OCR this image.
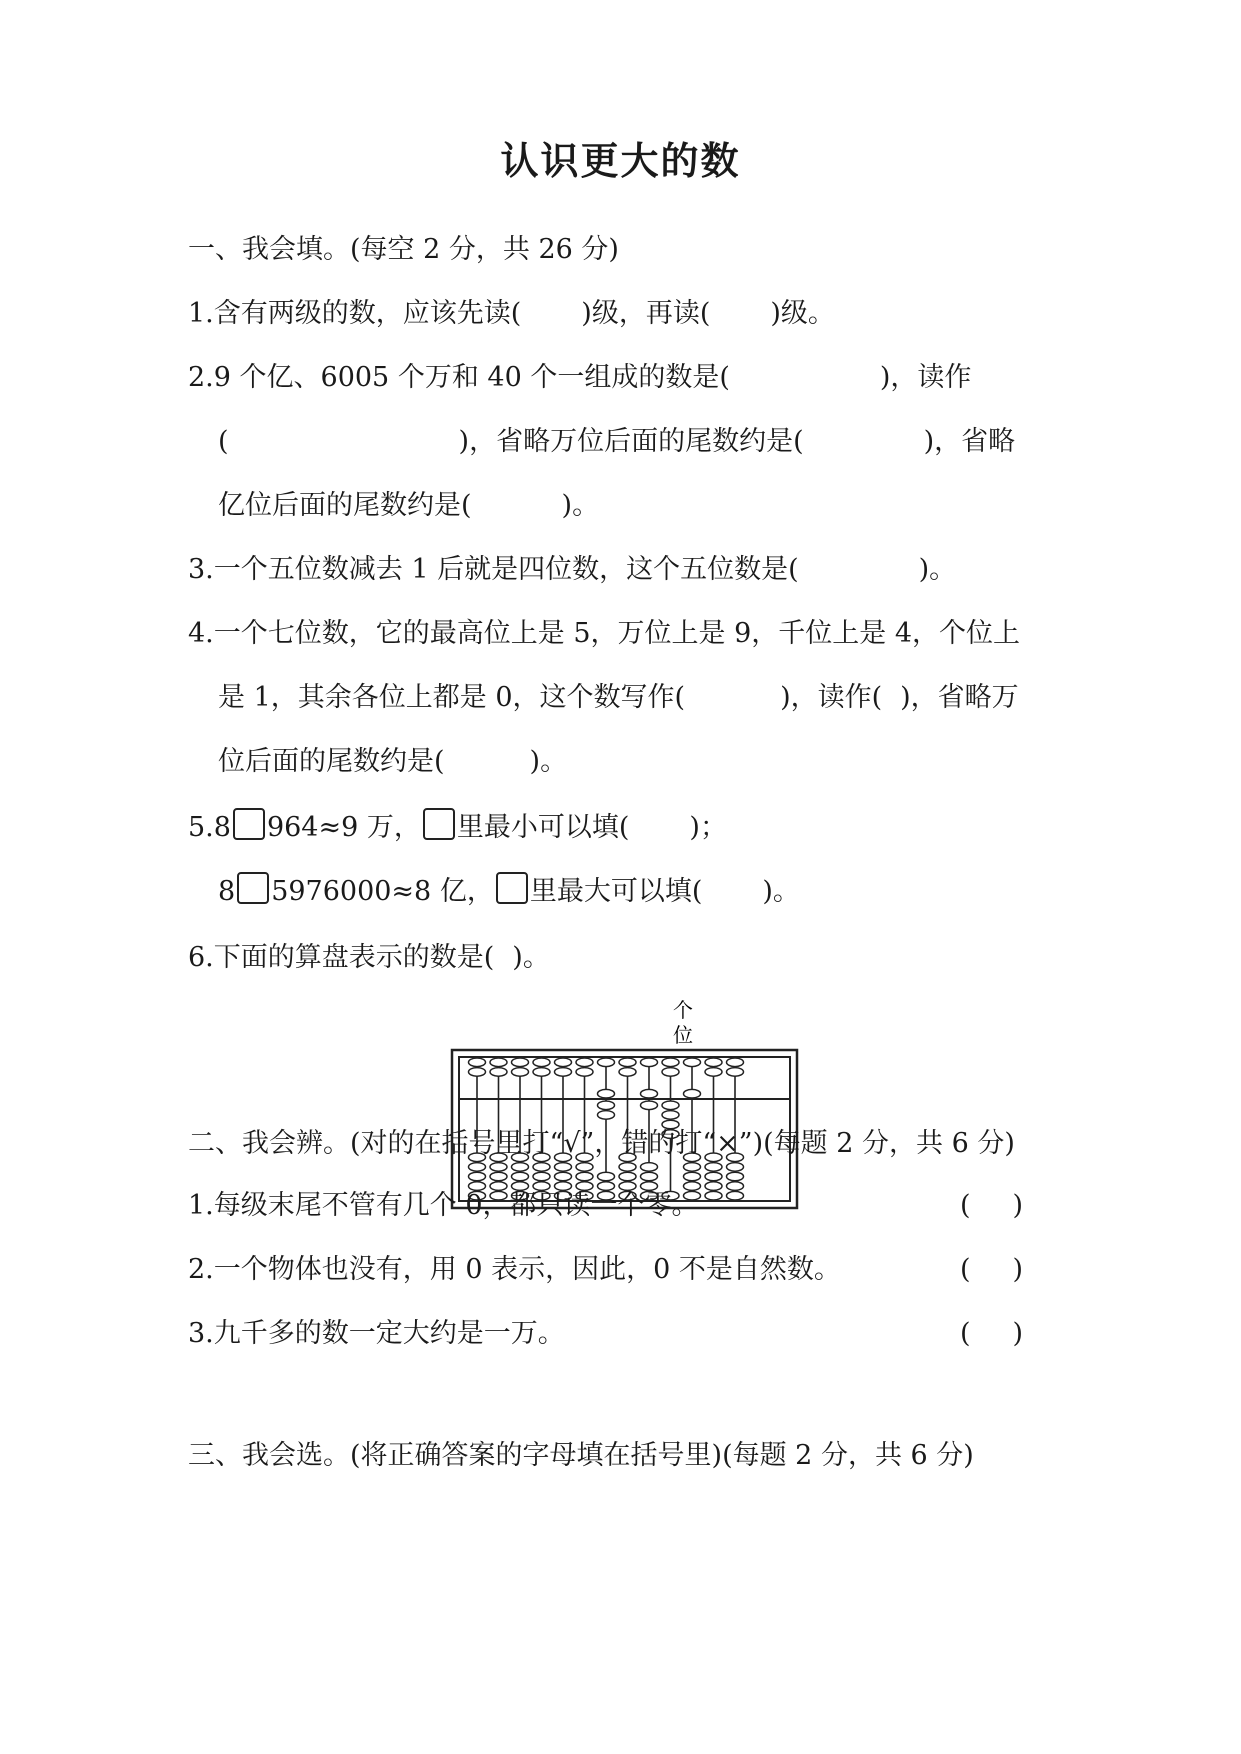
认识更大的数
一、我会填。(每空 2 分，共 26 分)
1.含有两级的数，应该先读( )级，再读( )级。
2.9 个亿、6005 个万和 40 个一组成的数是(	)，读作
(	)，省略万位后面的尾数约是(	)，省略
亿位后面的尾数约是(	)。
3.一个五位数减去 1 后就是四位数，这个五位数是(	)。
4.一个七位数，它的最高位上是 5，万位上是 9，千位上是 4，个位上
是 1，其余各位上都是 0，这个数写作(	)，读作( )，省略万
位后面的尾数约是(	)。
5.8 964≈9 万， 里最小可以填( )；
8 5976000≈8 亿， 里最大可以填( )。
6.下面的算盘表示的数是( )。
个
位
二、我会辨。(对的在括号里打“√”，错的打“×”)(每题 2 分，共 6 分)
1.每级末尾不管有几个 0，都只读一个零。	( )
2.一个物体也没有，用 0 表示，因此，0 不是自然数。	( )
3.九千多的数一定大约是一万。	( )
三、我会选。(将正确答案的字母填在括号里)(每题 2 分，共 6 分)
